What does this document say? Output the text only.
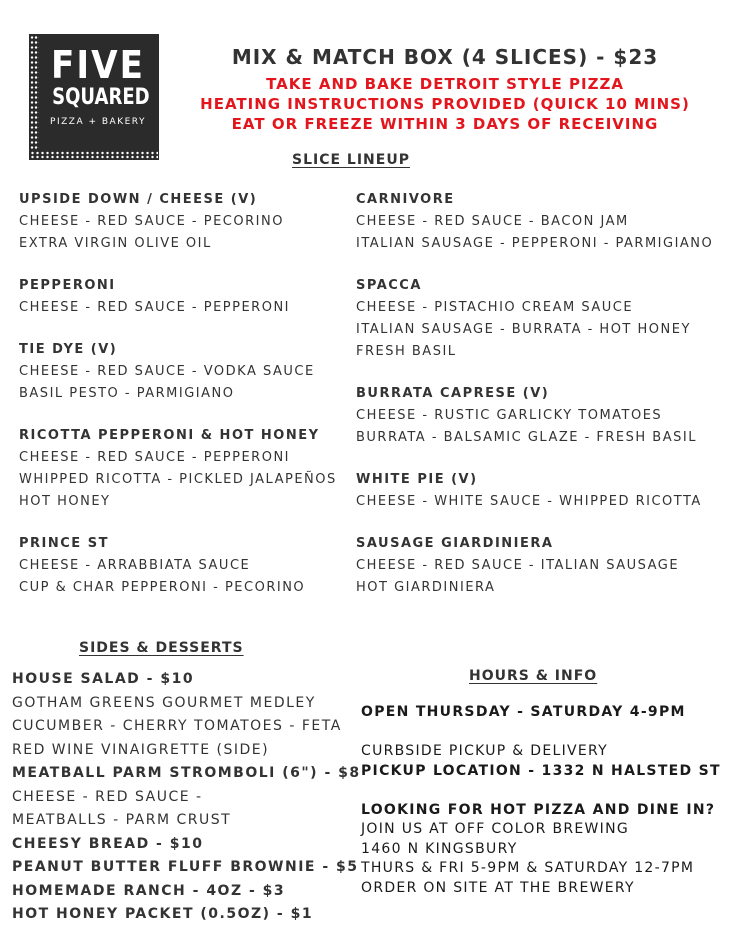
FIVE
SQUARED
PIZZA + BAKERY
MIX & MATCH BOX (4 SLICES) - $23
TAKE AND BAKE DETROIT STYLE PIZZA
HEATING INSTRUCTIONS PROVIDED (QUICK 10 MINS)
EAT OR FREEZE WITHIN 3 DAYS OF RECEIVING
SLICE LINEUP
UPSIDE DOWN / CHEESE (V)
CHEESE - RED SAUCE - PECORINO
EXTRA VIRGIN OLIVE OIL
PEPPERONI
CHEESE - RED SAUCE - PEPPERONI
TIE DYE (V)
CHEESE - RED SAUCE - VODKA SAUCE
BASIL PESTO - PARMIGIANO
RICOTTA PEPPERONI & HOT HONEY
CHEESE - RED SAUCE - PEPPERONI
WHIPPED RICOTTA - PICKLED JALAPEÑOS
HOT HONEY
PRINCE ST
CHEESE - ARRABBIATA SAUCE
CUP & CHAR PEPPERONI - PECORINO
CARNIVORE
CHEESE - RED SAUCE - BACON JAM
ITALIAN SAUSAGE - PEPPERONI - PARMIGIANO
SPACCA
CHEESE - PISTACHIO CREAM SAUCE
ITALIAN SAUSAGE - BURRATA - HOT HONEY
FRESH BASIL
BURRATA CAPRESE (V)
CHEESE - RUSTIC GARLICKY TOMATOES
BURRATA - BALSAMIC GLAZE - FRESH BASIL
WHITE PIE (V)
CHEESE - WHITE SAUCE - WHIPPED RICOTTA
SAUSAGE GIARDINIERA
CHEESE - RED SAUCE - ITALIAN SAUSAGE
HOT GIARDINIERA
SIDES & DESSERTS
HOUSE SALAD - $10
GOTHAM GREENS GOURMET MEDLEY
CUCUMBER - CHERRY TOMATOES - FETA
RED WINE VINAIGRETTE (SIDE)
MEATBALL PARM STROMBOLI (6") - $8
CHEESE - RED SAUCE -
MEATBALLS - PARM CRUST
CHEESY BREAD - $10
PEANUT BUTTER FLUFF BROWNIE - $5
HOMEMADE RANCH - 4OZ - $3
HOT HONEY PACKET (0.5OZ) - $1
HOURS & INFO
OPEN THURSDAY - SATURDAY 4-9PM
CURBSIDE PICKUP & DELIVERY
PICKUP LOCATION - 1332 N HALSTED ST
LOOKING FOR HOT PIZZA AND DINE IN?
JOIN US AT OFF COLOR BREWING
1460 N KINGSBURY
THURS & FRI 5-9PM & SATURDAY 12-7PM
ORDER ON SITE AT THE BREWERY
